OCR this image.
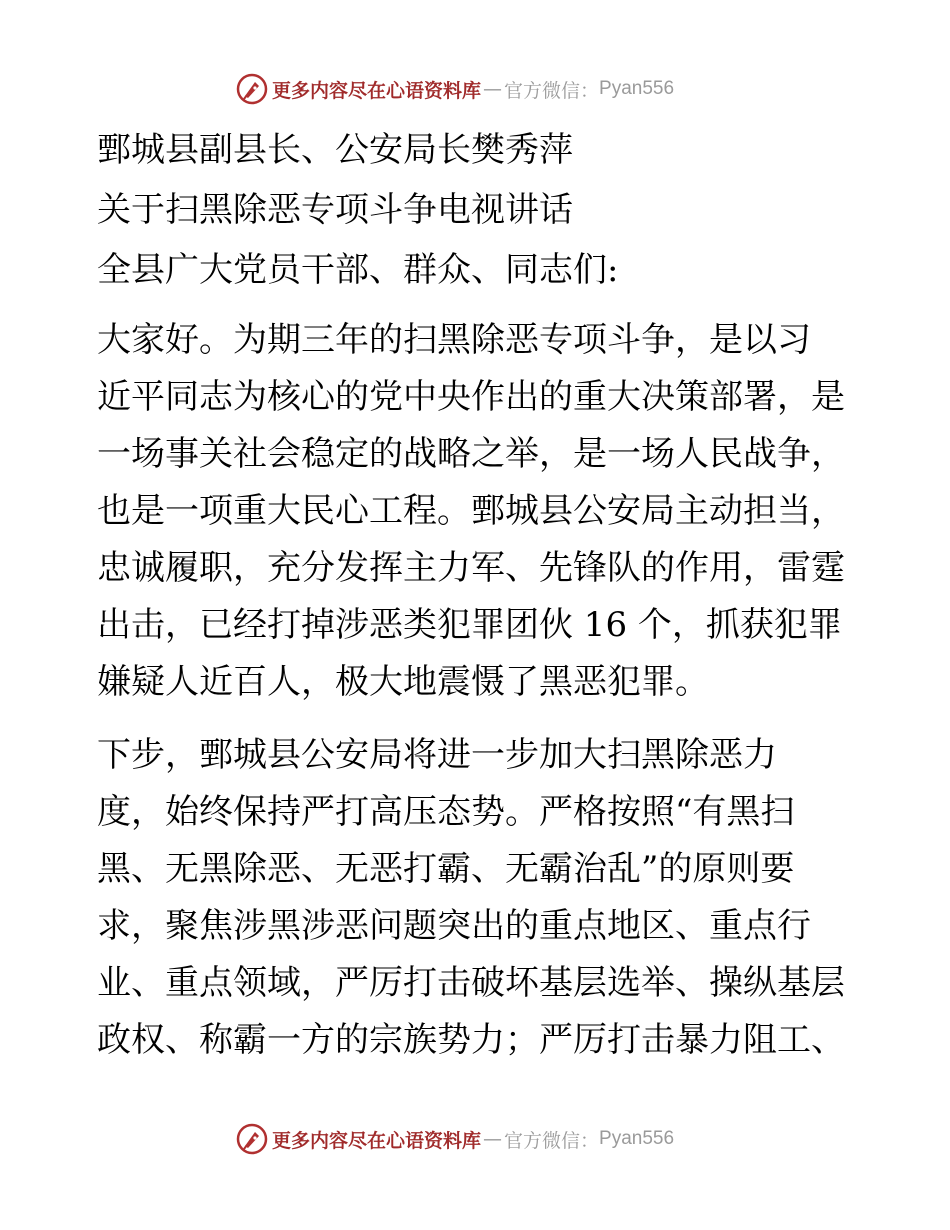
更多内容尽在心语资料库 — 官方微信： Pyan556
鄄城县副县长、公安局长樊秀萍
关于扫黑除恶专项斗争电视讲话
全县广大党员干部、群众、同志们:
大家好。为期三年的扫黑除恶专项斗争，是以习
近平同志为核心的党中央作出的重大决策部署，是
一场事关社会稳定的战略之举，是一场人民战争，
也是一项重大民心工程。鄄城县公安局主动担当，
忠诚履职，充分发挥主力军、先锋队的作用，雷霆
出击，已经打掉涉恶类犯罪团伙 16 个，抓获犯罪
嫌疑人近百人，极大地震慑了黑恶犯罪。
下步，鄄城县公安局将进一步加大扫黑除恶力
度，始终保持严打高压态势。严格按照“有黑扫
黑、无黑除恶、无恶打霸、无霸治乱”的原则要
求，聚焦涉黑涉恶问题突出的重点地区、重点行
业、重点领域，严厉打击破坏基层选举、操纵基层
政权、称霸一方的宗族势力；严厉打击暴力阻工、
更多内容尽在心语资料库 — 官方微信： Pyan556
